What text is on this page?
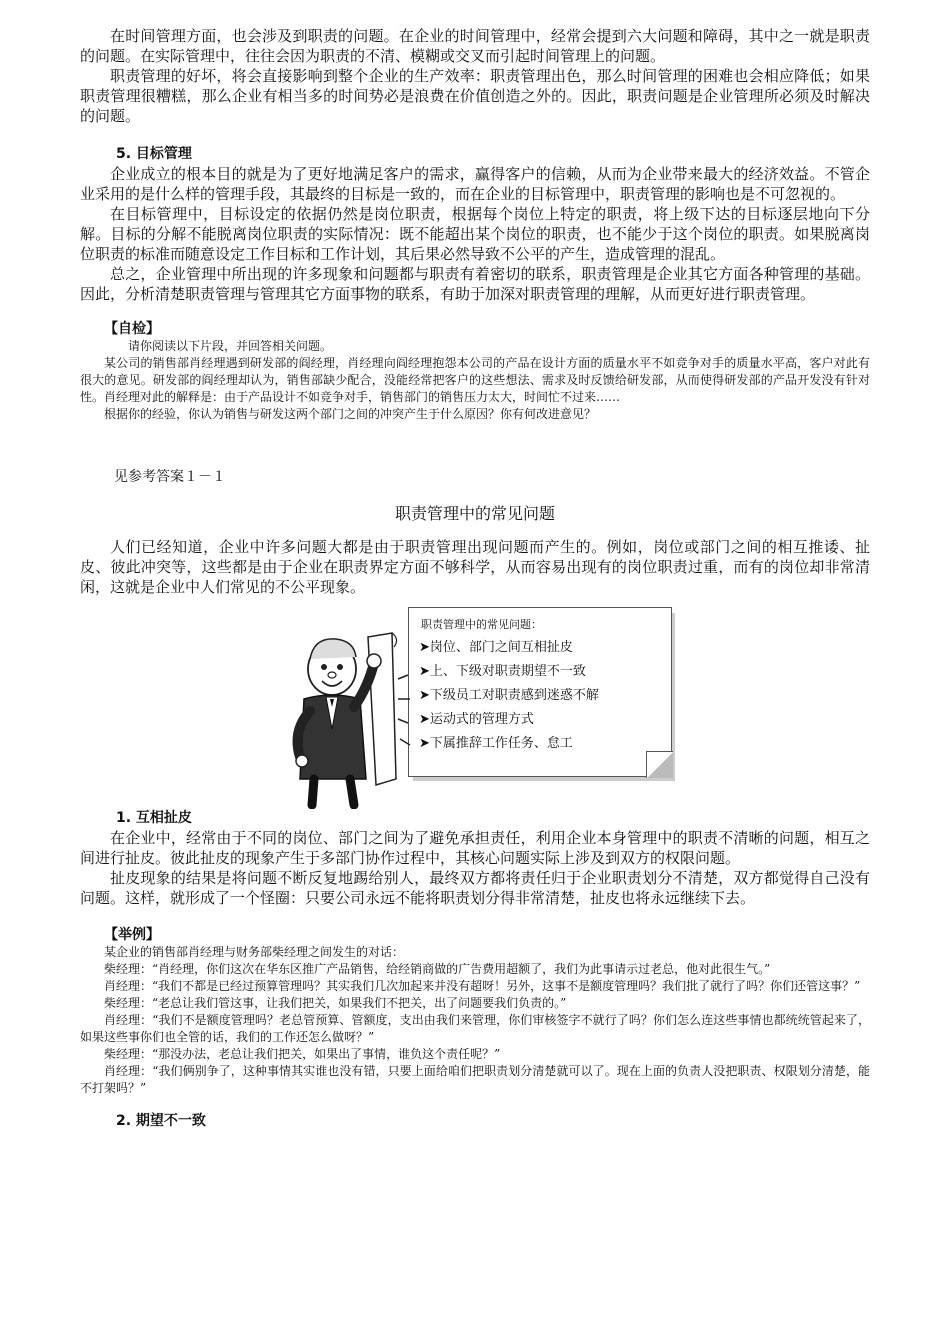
在时间管理方面，也会涉及到职责的问题。在企业的时间管理中，经常会提到六大问题和障碍，其中之一就是职责的问题。在实际管理中，往往会因为职责的不清、模糊或交叉而引起时间管理上的问题。

职责管理的好坏，将会直接影响到整个企业的生产效率：职责管理出色，那么时间管理的困难也会相应降低；如果职责管理很糟糕，那么企业有相当多的时间势必是浪费在价值创造之外的。因此，职责问题是企业管理所必须及时解决的问题。

5. 目标管理

企业成立的根本目的就是为了更好地满足客户的需求，赢得客户的信赖，从而为企业带来最大的经济效益。不管企业采用的是什么样的管理手段，其最终的目标是一致的，而在企业的目标管理中，职责管理的影响也是不可忽视的。

在目标管理中，目标设定的依据仍然是岗位职责，根据每个岗位上特定的职责，将上级下达的目标逐层地向下分解。目标的分解不能脱离岗位职责的实际情况：既不能超出某个岗位的职责，也不能少于这个岗位的职责。如果脱离岗位职责的标准而随意设定工作目标和工作计划，其后果必然导致不公平的产生，造成管理的混乱。

总之，企业管理中所出现的许多现象和问题都与职责有着密切的联系，职责管理是企业其它方面各种管理的基础。因此，分析清楚职责管理与管理其它方面事物的联系，有助于加深对职责管理的理解，从而更好进行职责管理。

【自检】

请你阅读以下片段，并回答相关问题。

某公司的销售部肖经理遇到研发部的阎经理，肖经理向阎经理抱怨本公司的产品在设计方面的质量水平不如竞争对手的质量水平高，客户对此有很大的意见。研发部的阎经理却认为，销售部缺少配合，没能经常把客户的这些想法、需求及时反馈给研发部，从而使得研发部的产品开发没有针对性。肖经理对此的解释是：由于产品设计不如竞争对手，销售部门的销售压力太大，时间忙不过来……

根据你的经验，你认为销售与研发这两个部门之间的冲突产生于什么原因？你有何改进意见？

见参考答案１－１

职责管理中的常见问题

人们已经知道，企业中许多问题大都是由于职责管理出现问题而产生的。例如，岗位或部门之间的相互推诿、扯皮、彼此冲突等，这些都是由于企业在职责界定方面不够科学，从而容易出现有的岗位职责过重，而有的岗位却非常清闲，这就是企业中人们常见的不公平现象。

职责管理中的常见问题：

➤岗位、部门之间互相扯皮

➤上、下级对职责期望不一致

➤下级员工对职责感到迷惑不解

➤运动式的管理方式

➤下属推辞工作任务、怠工

1. 互相扯皮

在企业中，经常由于不同的岗位、部门之间为了避免承担责任，利用企业本身管理中的职责不清晰的问题，相互之间进行扯皮。彼此扯皮的现象产生于多部门协作过程中，其核心问题实际上涉及到双方的权限问题。

扯皮现象的结果是将问题不断反复地踢给别人，最终双方都将责任归于企业职责划分不清楚，双方都觉得自己没有问题。这样，就形成了一个怪圈：只要公司永远不能将职责划分得非常清楚，扯皮也将永远继续下去。

【举例】

某企业的销售部肖经理与财务部柴经理之间发生的对话：

柴经理：“肖经理，你们这次在华东区推广产品销售，给经销商做的广告费用超额了，我们为此事请示过老总，他对此很生气。”

肖经理：“我们不都是已经过预算管理吗？其实我们几次加起来并没有超呀！另外，这事不是额度管理吗？我们批了就行了吗？你们还管这事？”

柴经理：“老总让我们管这事，让我们把关，如果我们不把关，出了问题要我们负责的。”

肖经理：“我们不是额度管理吗？老总管预算、管额度，支出由我们来管理，你们审核签字不就行了吗？你们怎么连这些事情也都统统管起来了，如果这些事你们也全管的话，我们的工作还怎么做呀？”

柴经理：“那没办法，老总让我们把关，如果出了事情，谁负这个责任呢？”

肖经理：“我们俩别争了，这种事情其实谁也没有错，只要上面给咱们把职责划分清楚就可以了。现在上面的负责人没把职责、权限划分清楚，能不打架吗？”

2. 期望不一致
